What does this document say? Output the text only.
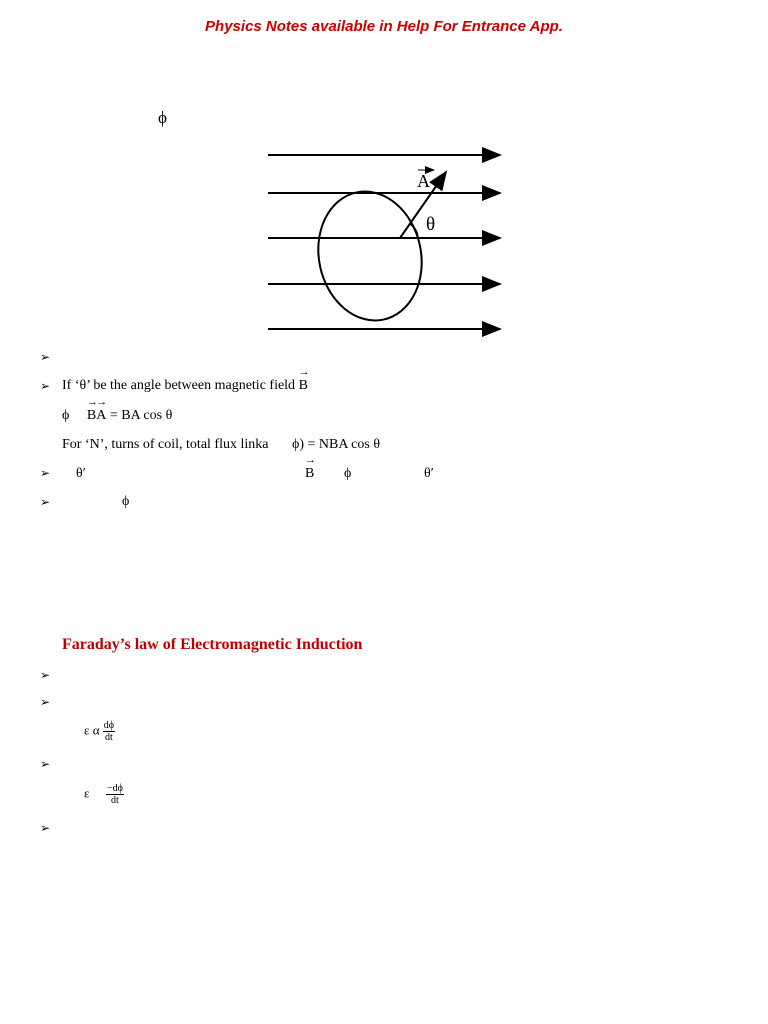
Physics Notes available in Help For Entrance App.
ϕ
A
θ
➢
➢ If ‘θ’ be the angle between magnetic field → B
ϕ → B→ A = BA cos θ
For ‘N’, turns of coil, total flux linka ϕ) = NBA cos θ
➢ θ′	→ B ϕ	θ′
➢	ϕ
Faraday’s law of Electromagnetic Induction
➢
➢
ε α $\frac{d\phi}{dt}$
➢
ε $\frac{-d\phi}{dt}$
➢
